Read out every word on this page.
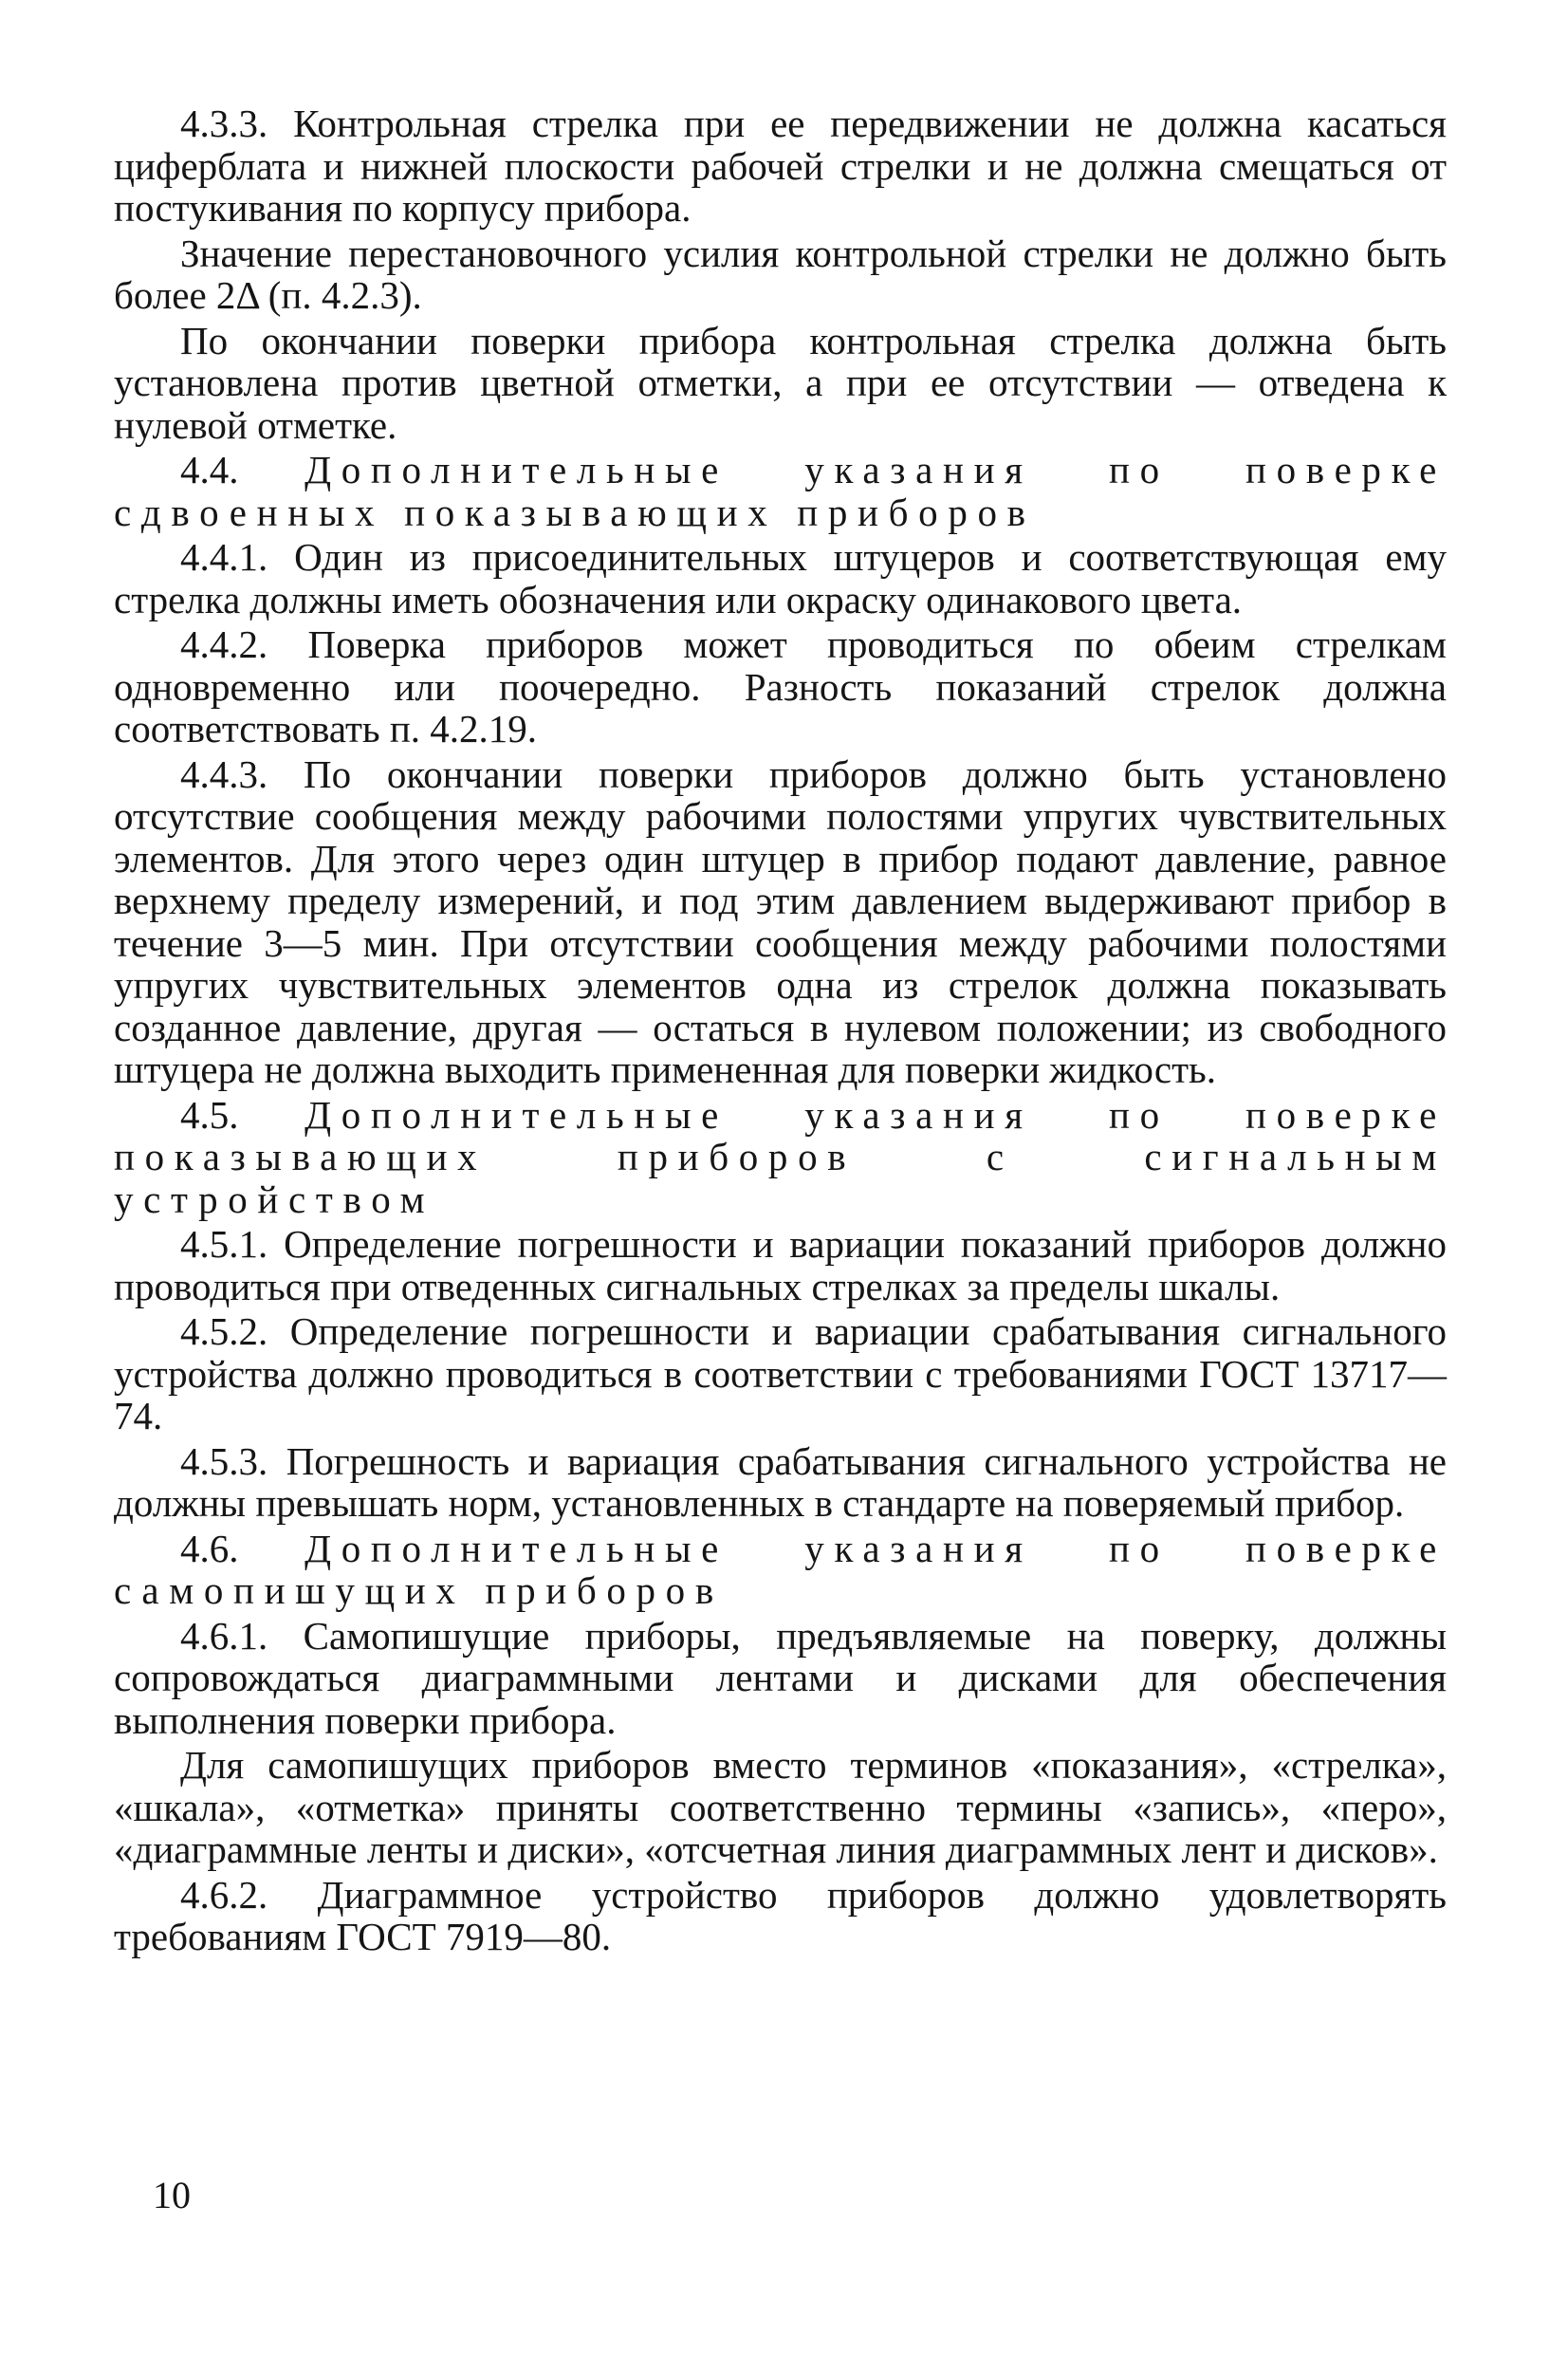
4.3.3. Контрольная стрелка при ее передвижении не должна касаться циферблата и нижней плоскости рабочей стрелки и не должна смещаться от постукивания по корпусу прибора.

Значение перестановочного усилия контрольной стрелки не должно быть более 2Δ (п. 4.2.3).

По окончании поверки прибора контрольная стрелка должна быть установлена против цветной отметки, а при ее отсутствии — отведена к нулевой отметке.

4.4. Дополнительные указания по поверке сдвоенных показывающих приборов

4.4.1. Один из присоединительных штуцеров и соответствующая ему стрелка должны иметь обозначения или окраску одинакового цвета.

4.4.2. Поверка приборов может проводиться по обеим стрелкам одновременно или поочередно. Разность показаний стрелок должна соответствовать п. 4.2.19.

4.4.3. По окончании поверки приборов должно быть установлено отсутствие сообщения между рабочими полостями упругих чувствительных элементов. Для этого через один штуцер в прибор подают давление, равное верхнему пределу измерений, и под этим давлением выдерживают прибор в течение 3—5 мин. При отсутствии сообщения между рабочими полостями упругих чувствительных элементов одна из стрелок должна показывать созданное давление, другая — остаться в нулевом положении; из свободного штуцера не должна выходить примененная для поверки жидкость.

4.5. Дополнительные указания по поверке показывающих приборов с сигнальным устройством

4.5.1. Определение погрешности и вариации показаний приборов должно проводиться при отведенных сигнальных стрелках за пределы шкалы.

4.5.2. Определение погрешности и вариации срабатывания сигнального устройства должно проводиться в соответствии с требованиями ГОСТ 13717—74.

4.5.3. Погрешность и вариация срабатывания сигнального устройства не должны превышать норм, установленных в стандарте на поверяемый прибор.

4.6. Дополнительные указания по поверке самопишущих приборов

4.6.1. Самопишущие приборы, предъявляемые на поверку, должны сопровождаться диаграммными лентами и дисками для обеспечения выполнения поверки прибора.

Для самопишущих приборов вместо терминов «показания», «стрелка», «шкала», «отметка» приняты соответственно термины «запись», «перо», «диаграммные ленты и диски», «отсчетная линия диаграммных лент и дисков».

4.6.2. Диаграммное устройство приборов должно удовлетворять требованиям ГОСТ 7919—80.

10
